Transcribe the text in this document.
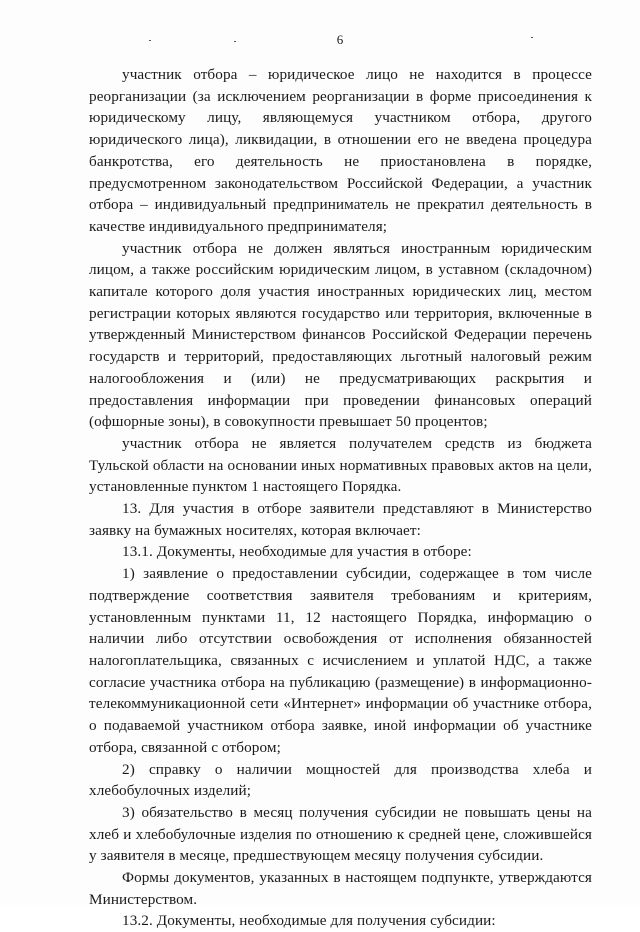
6

участник отбора – юридическое лицо не находится в процессе реорганизации (за исключением реорганизации в форме присоединения к юридическому лицу, являющемуся участником отбора, другого юридического лица), ликвидации, в отношении его не введена процедура банкротства, его деятельность не приостановлена в порядке, предусмотренном законодательством Российской Федерации, а участник отбора – индивидуальный предприниматель не прекратил деятельность в качестве индивидуального предпринимателя;

участник отбора не должен являться иностранным юридическим лицом, а также российским юридическим лицом, в уставном (складочном) капитале которого доля участия иностранных юридических лиц, местом регистрации которых являются государство или территория, включенные в утвержденный Министерством финансов Российской Федерации перечень государств и территорий, предоставляющих льготный налоговый режим налогообложения и (или) не предусматривающих раскрытия и предоставления информации при проведении финансовых операций (офшорные зоны), в совокупности превышает 50 процентов;

участник отбора не является получателем средств из бюджета Тульской области на основании иных нормативных правовых актов на цели, установленные пунктом 1 настоящего Порядка.

13. Для участия в отборе заявители представляют в Министерство заявку на бумажных носителях, которая включает:

13.1. Документы, необходимые для участия в отборе:

1) заявление о предоставлении субсидии, содержащее в том числе подтверждение соответствия заявителя требованиям и критериям, установленным пунктами 11, 12 настоящего Порядка, информацию о наличии либо отсутствии освобождения от исполнения обязанностей налогоплательщика, связанных с исчислением и уплатой НДС, а также согласие участника отбора на публикацию (размещение) в информационно-телекоммуникационной сети «Интернет» информации об участнике отбора, о подаваемой участником отбора заявке, иной информации об участнике отбора, связанной с отбором;

2) справку о наличии мощностей для производства хлеба и хлебобулочных изделий;

3) обязательство в месяц получения субсидии не повышать цены на хлеб и хлебобулочные изделия по отношению к средней цене, сложившейся у заявителя в месяце, предшествующем месяцу получения субсидии.

Формы документов, указанных в настоящем подпункте, утверждаются Министерством.

13.2. Документы, необходимые для получения субсидии:
